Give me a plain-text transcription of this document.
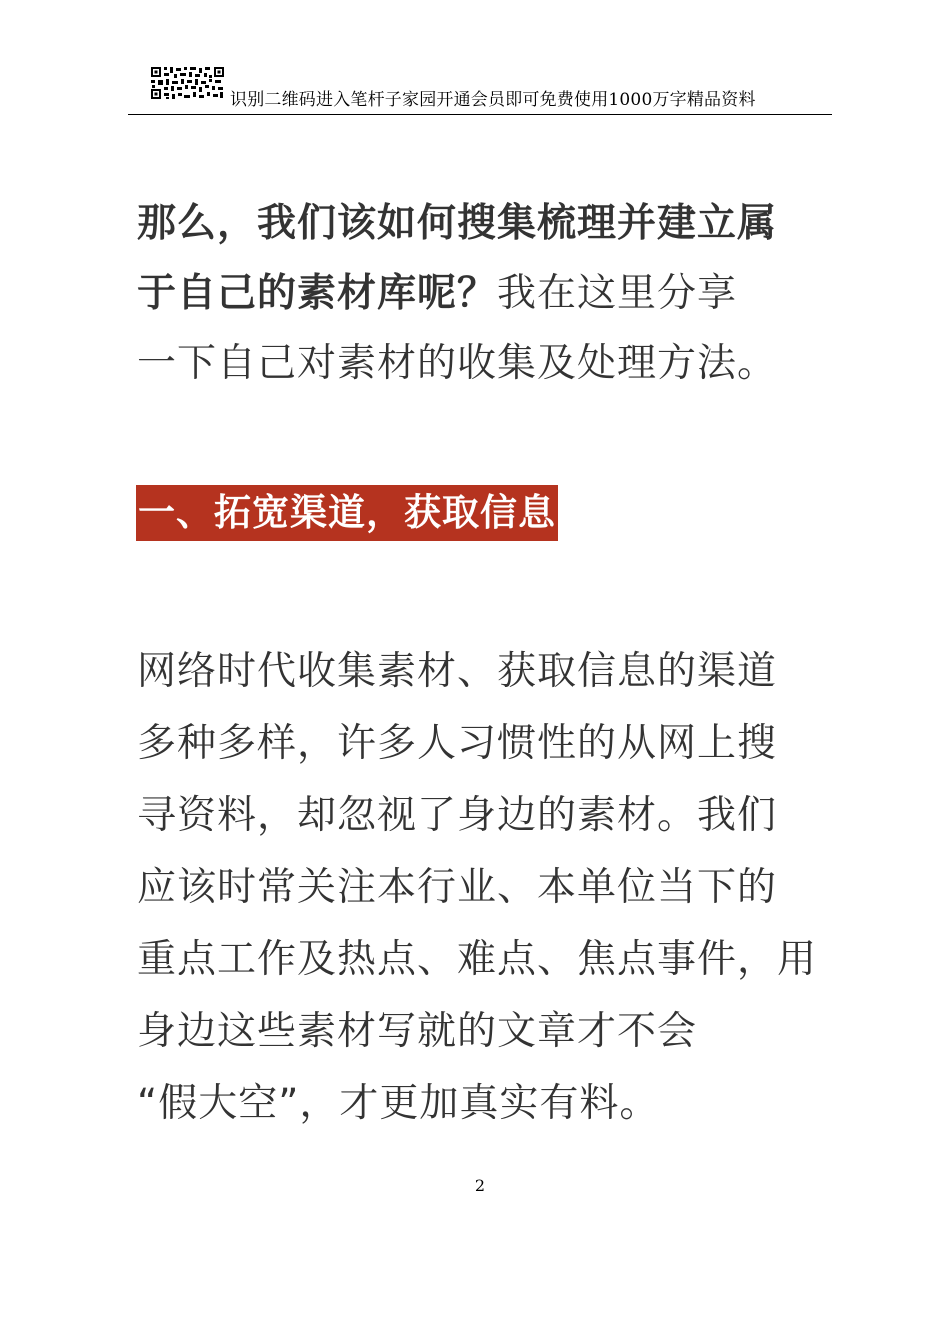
识别二维码进入笔杆子家园开通会员即可免费使用1000万字精品资料

那么，我们该如何搜集梳理并建立属
于自己的素材库呢？我在这里分享
一下自己对素材的收集及处理方法。

一、拓宽渠道，获取信息

网络时代收集素材、获取信息的渠道
多种多样，许多人习惯性的从网上搜
寻资料，却忽视了身边的素材。我们
应该时常关注本行业、本单位当下的
重点工作及热点、难点、焦点事件，用
身边这些素材写就的文章才不会
“假大空”，才更加真实有料。

2
